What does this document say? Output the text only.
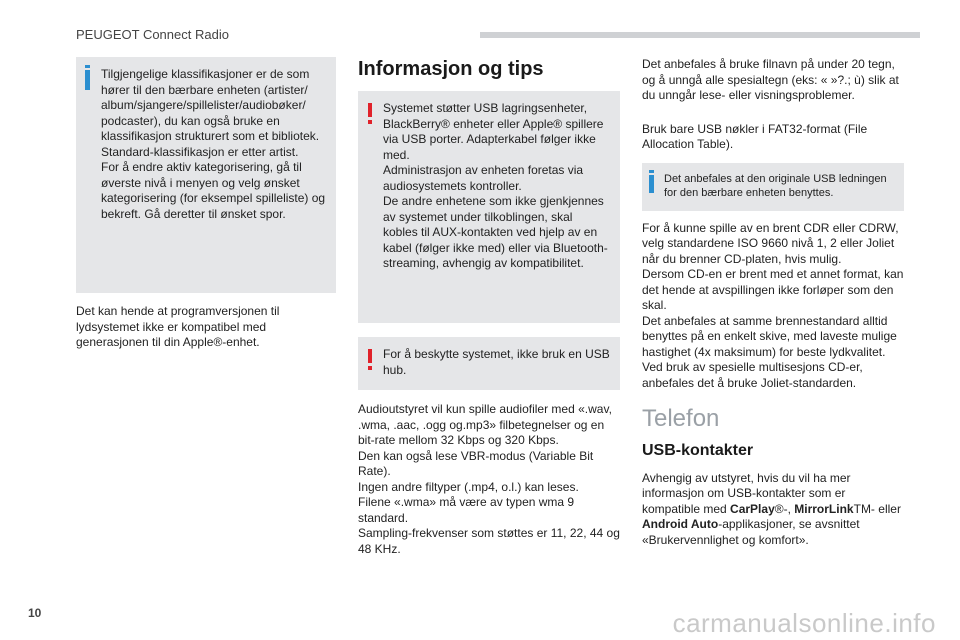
PEUGEOT Connect Radio

Tilgjengelige klassifikasjoner er de som hører til den bærbare enheten (artister/ album/sjangere/spillelister/audiobøker/ podcaster), du kan også bruke en klassifikasjon strukturert som et bibliotek. Standard-klassifikasjon er etter artist.

For å endre aktiv kategorisering, gå til øverste nivå i menyen og velg ønsket kategorisering (for eksempel spilleliste) og bekreft. Gå deretter til ønsket spor.

Det kan hende at programversjonen til lydsystemet ikke er kompatibel med generasjonen til din Apple®-enhet.

Informasjon og tips

Systemet støtter USB lagringsenheter, BlackBerry® enheter eller Apple® spillere via USB porter. Adapterkabel følger ikke med.

Administrasjon av enheten foretas via audiosystemets kontroller.

De andre enhetene som ikke gjenkjennes av systemet under tilkoblingen, skal kobles til AUX-kontakten ved hjelp av en kabel (følger ikke med) eller via Bluetooth-streaming, avhengig av kompatibilitet.

For å beskytte systemet, ikke bruk en USB hub.

Audioutstyret vil kun spille audiofiler med «.wav, .wma, .aac, .ogg og.mp3» filbetegnelser og en bit-rate mellom 32 Kbps og 320 Kbps.

Den kan også lese VBR-modus (Variable Bit Rate).

Ingen andre filtyper (.mp4, o.l.) kan leses.

Filene «.wma» må være av typen wma 9 standard.

Sampling-frekvenser som støttes er 11, 22, 44 og 48 KHz.

Det anbefales å bruke filnavn på under 20 tegn, og å unngå alle spesialtegn (eks: « »?.; ù) slik at du unngår lese- eller visningsproblemer.

Bruk bare USB nøkler i FAT32-format (File Allocation Table).

Det anbefales at den originale USB ledningen for den bærbare enheten benyttes.

For å kunne spille av en brent CDR eller CDRW, velg standardene ISO 9660 nivå 1, 2 eller Joliet når du brenner CD-platen, hvis mulig.

Dersom CD-en er brent med et annet format, kan det hende at avspillingen ikke forløper som den skal.

Det anbefales at samme brennestandard alltid benyttes på en enkelt skive, med laveste mulige hastighet (4x maksimum) for beste lydkvalitet.

Ved bruk av spesielle multisesjons CD-er, anbefales det å bruke Joliet-standarden.

Telefon
USB-kontakter

Avhengig av utstyret, hvis du vil ha mer informasjon om USB-kontakter som er kompatible med CarPlay®-, MirrorLinkTM- eller Android Auto-applikasjoner, se avsnittet «Brukervennlighet og komfort».

10	carmanualsonline.info
